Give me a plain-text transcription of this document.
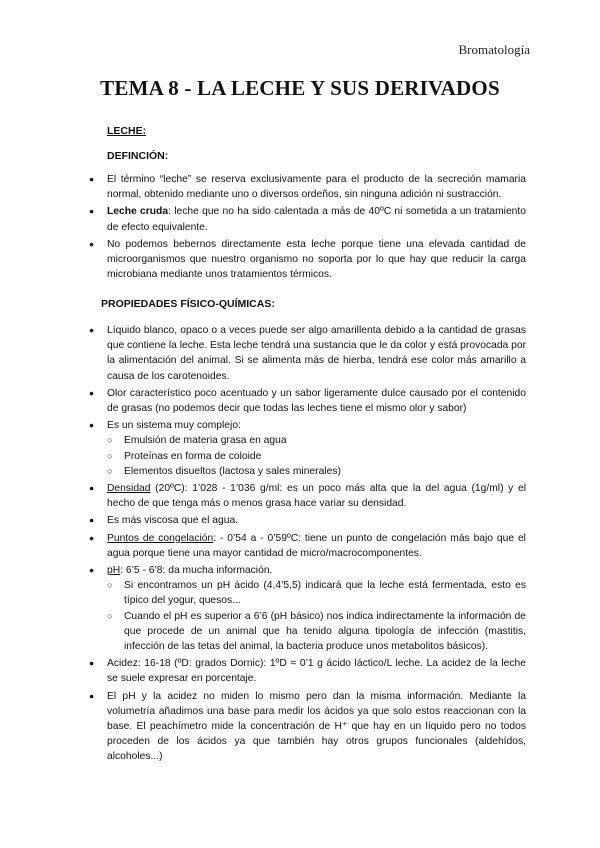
Bromatología
TEMA 8 - LA LECHE Y SUS DERIVADOS
LECHE:
DEFINCIÓN:
● El término “leche” se reserva exclusivamente para el producto de la secreción mamaria normal, obtenido mediante uno o diversos ordeños, sin ninguna adición ni sustracción.
● Leche cruda: leche que no ha sido calentada a más de 40ºC ni sometida a un tratamiento de efecto equivalente.
● No podemos bebernos directamente esta leche porque tiene una elevada cantidad de microorganismos que nuestro organismo no soporta por lo que hay que reducir la carga microbiana mediante unos tratamientos térmicos.
PROPIEDADES FÍSICO-QUÍMICAS:
● Líquido blanco, opaco o a veces puede ser algo amarillenta debido a la cantidad de grasas que contiene la leche. Esta leche tendrá una sustancia que le da color y está provocada por la alimentación del animal. Si se alimenta más de hierba, tendrá ese color más amarillo a causa de los carotenoides.
● Olor característico poco acentuado y un sabor ligeramente dulce causado por el contenido de grasas (no podemos decir que todas las leches tiene el mismo olor y sabor)
● Es un sistema muy complejo:
○ Emulsión de materia grasa en agua
○ Proteínas en forma de coloide
○ Elementos disueltos (lactosa y sales minerales)
● Densidad (20ºC): 1’028 - 1’036 g/ml: es un poco más alta que la del agua (1g/ml) y el hecho de que tenga más o menos grasa hace variar su densidad.
● Es más viscosa que el agua.
● Puntos de congelación: - 0’54 a - 0’59ºC: tiene un punto de congelación más bajo que el agua porque tiene una mayor cantidad de micro/macrocomponentes.
● pH: 6’5 - 6’8: da mucha información.
○ Si encontramos un pH ácido (4,4’5,5) indicará que la leche está fermentada, esto es típico del yogur, quesos...
○ Cuando el pH es superior a 6’6 (pH básico) nos indica indirectamente la información de que procede de un animal que ha tenido alguna tipología de infección (mastitis, infección de las tetas del animal, la bacteria produce unos metabolitos básicos).
● Acidez: 16-18 (ºD: grados Dornic): 1ºD = 0’1 g ácido láctico/L leche. La acidez de la leche se suele expresar en porcentaje.
● El pH y la acidez no miden lo mismo pero dan la misma información. Mediante la volumetría añadimos una base para medir los ácidos ya que solo estos reaccionan con la base. El peachímetro mide la concentración de H⁺ que hay en un líquido pero no todos proceden de los ácidos ya que también hay otros grupos funcionales (aldehídos, alcoholes...)
